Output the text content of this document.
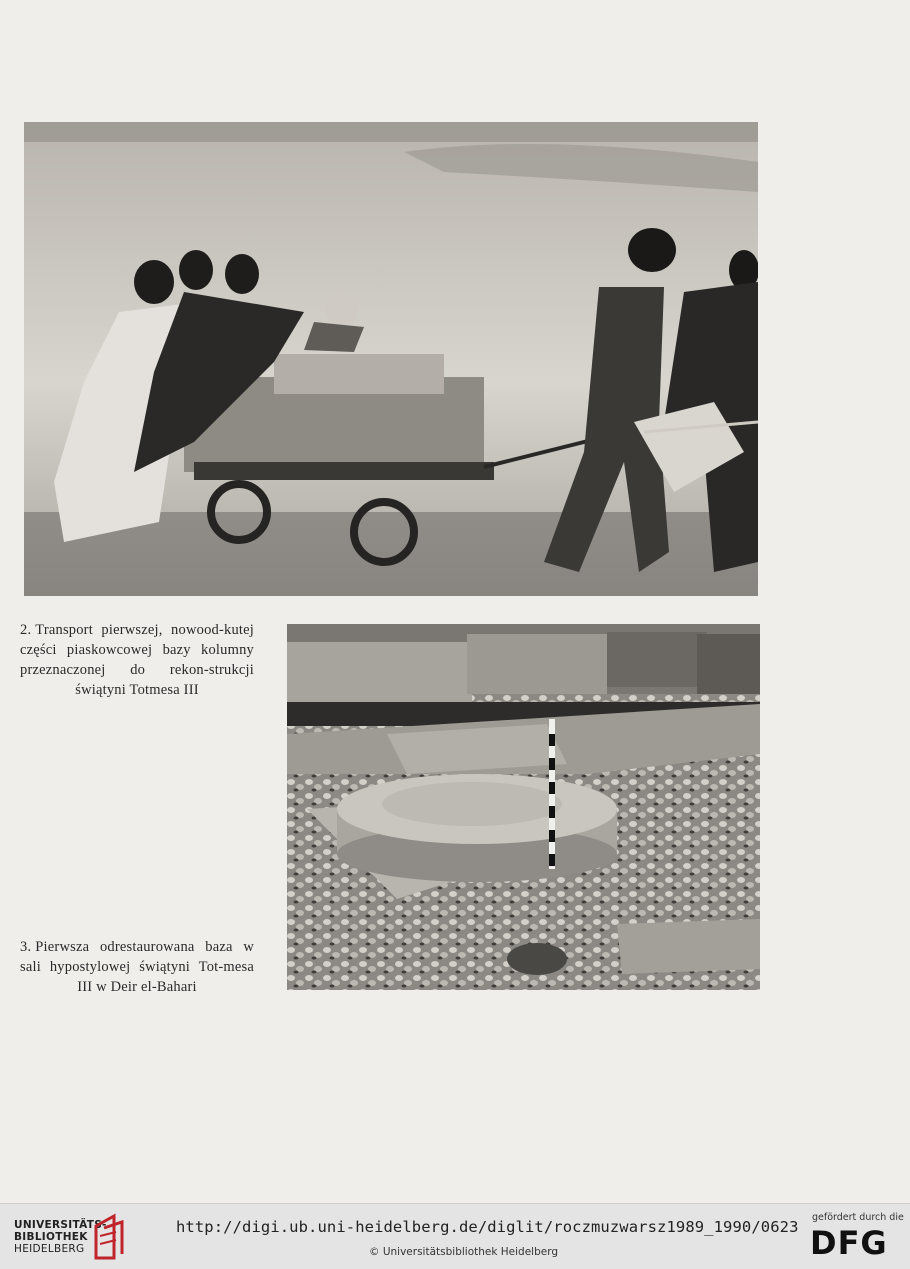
2. Transport pierwszej, nowood-kutej części piaskowcowej bazy kolumny przeznaczonej do rekon-strukcji świątyni Totmesa III
3. Pierwsza odrestaurowana baza w sali hypostylowej świątyni Tot-mesa III w Deir el-Bahari
UNIVERSITÄTS-
BIBLIOTHEK
HEIDELBERG
http://digi.ub.uni-heidelberg.de/diglit/roczmuzwarsz1989_1990/0623
© Universitätsbibliothek Heidelberg
gefördert durch die
DFG
